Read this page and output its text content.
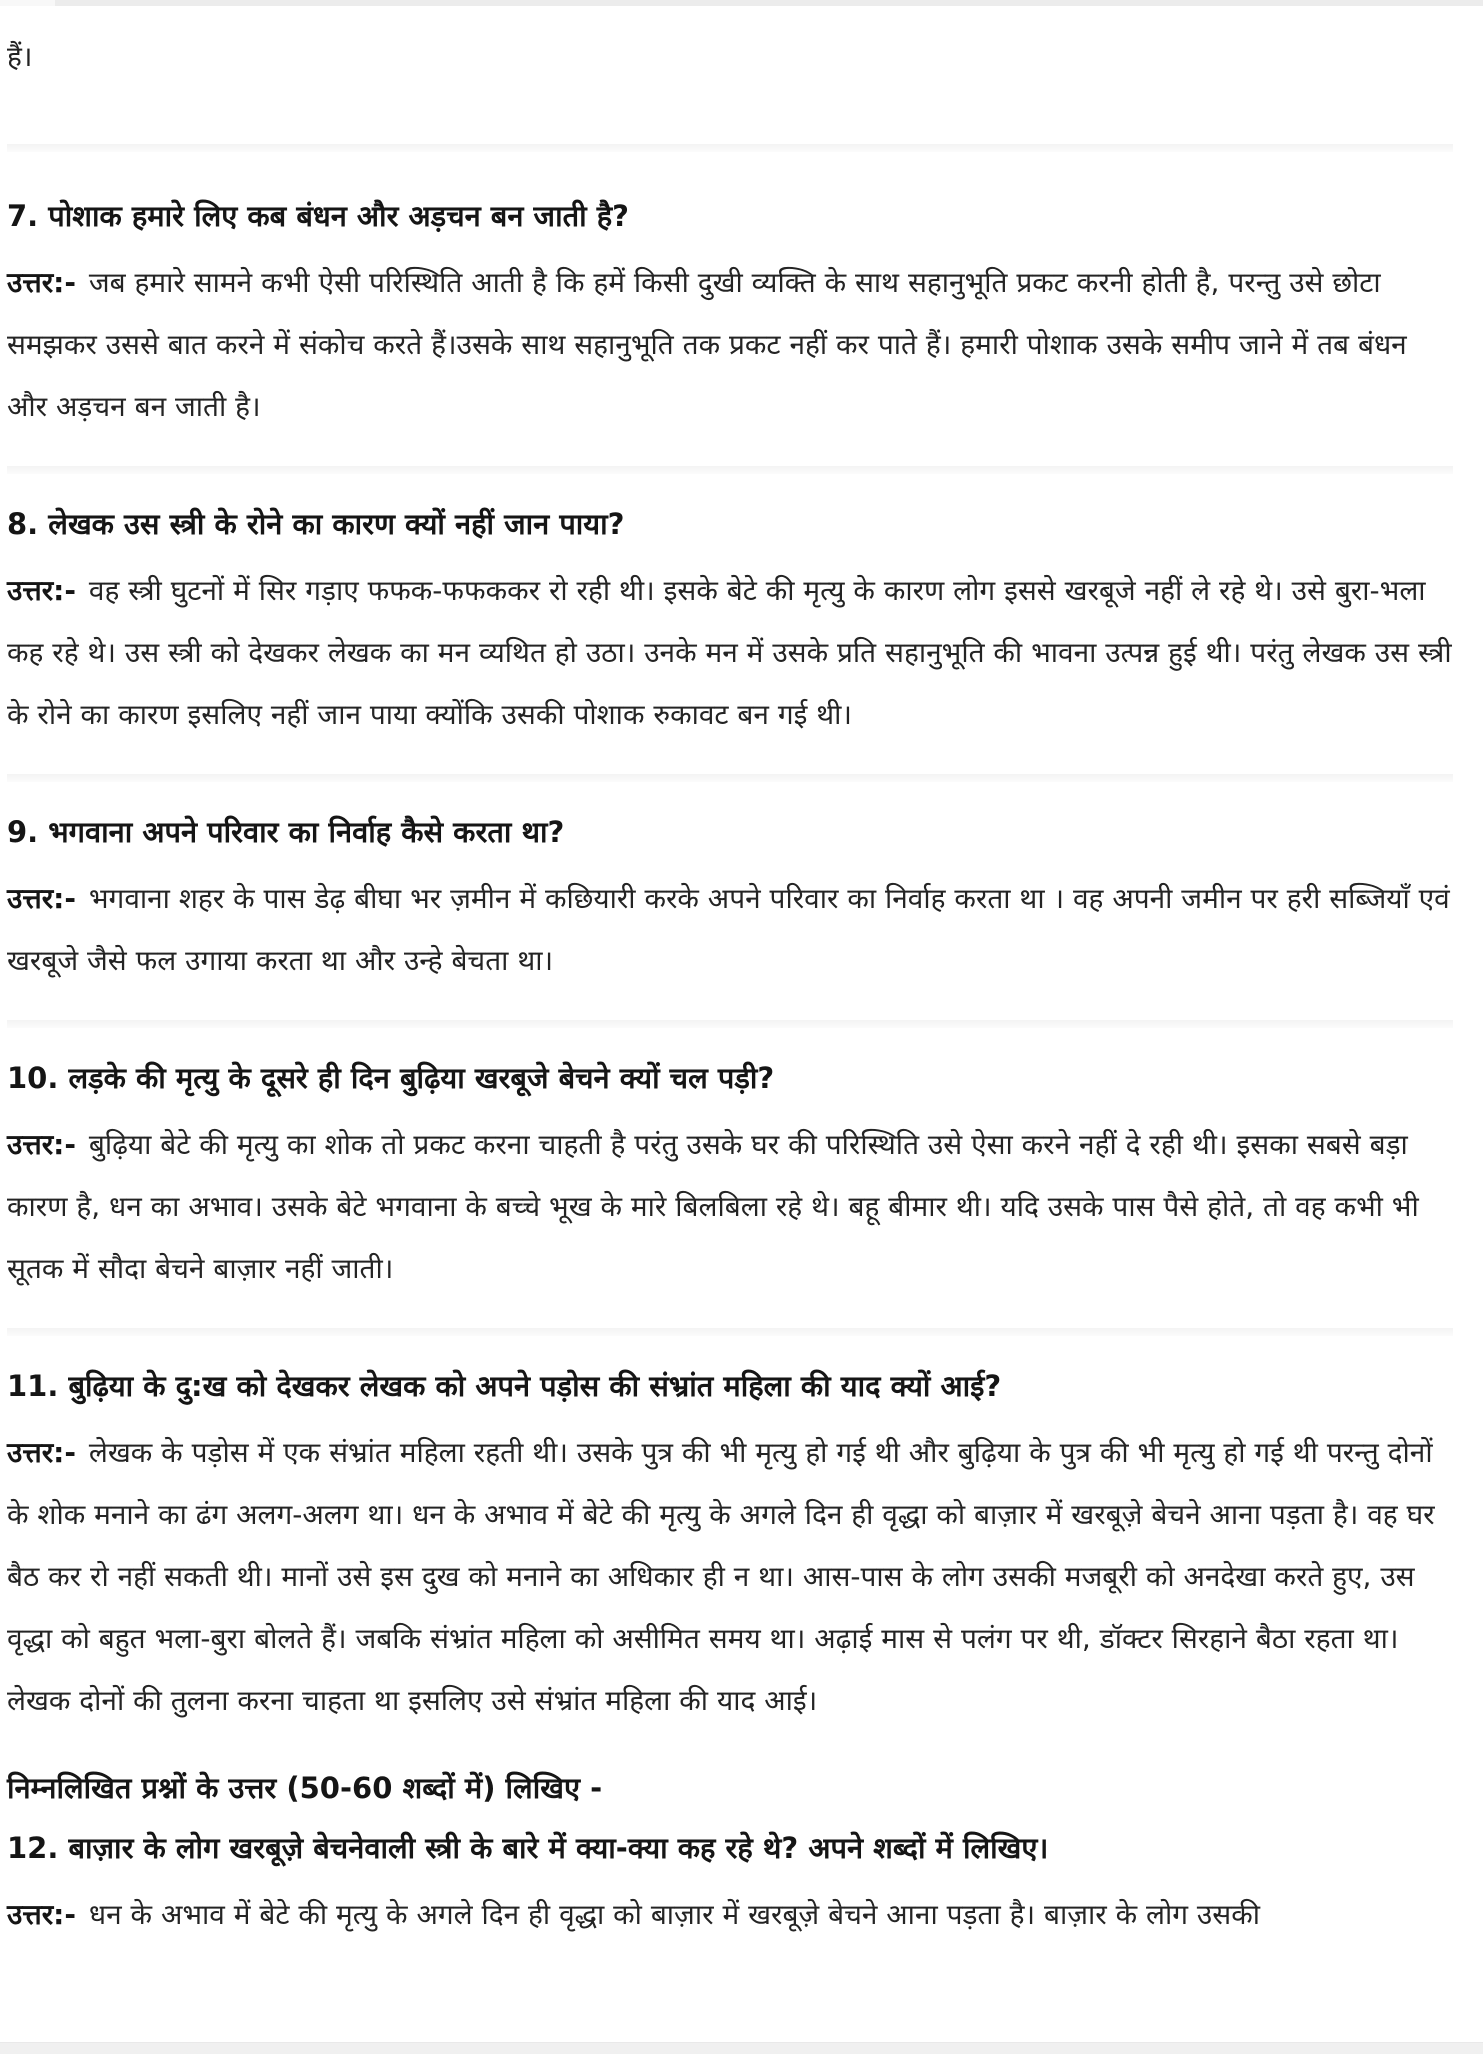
हैं।

7. पोशाक हमारे लिए कब बंधन और अड़चन बन जाती है?

उत्तर:- जब हमारे सामने कभी ऐसी परिस्थिति आती है कि हमें किसी दुखी व्यक्ति के साथ सहानुभूति प्रकट करनी होती है, परन्तु उसे छोटा समझकर उससे बात करने में संकोच करते हैं।उसके साथ सहानुभूति तक प्रकट नहीं कर पाते हैं। हमारी पोशाक उसके समीप जाने में तब बंधन और अड़चन बन जाती है।

8. लेखक उस स्त्री के रोने का कारण क्यों नहीं जान पाया?

उत्तर:- वह स्त्री घुटनों में सिर गड़ाए फफक-फफककर रो रही थी। इसके बेटे की मृत्यु के कारण लोग इससे खरबूजे नहीं ले रहे थे। उसे बुरा-भला कह रहे थे। उस स्त्री को देखकर लेखक का मन व्यथित हो उठा। उनके मन में उसके प्रति सहानुभूति की भावना उत्पन्न हुई थी। परंतु लेखक उस स्त्री के रोने का कारण इसलिए नहीं जान पाया क्योंकि उसकी पोशाक रुकावट बन गई थी।

9. भगवाना अपने परिवार का निर्वाह कैसे करता था?

उत्तर:- भगवाना शहर के पास डेढ़ बीघा भर ज़मीन में कछियारी करके अपने परिवार का निर्वाह करता था । वह अपनी जमीन पर हरी सब्जियॉं एवं खरबूजे जैसे फल उगाया करता था और उन्हे बेचता था।

10. लड़के की मृत्यु के दूसरे ही दिन बुढ़िया खरबूजे बेचने क्यों चल पड़ी?

उत्तर:- बुढ़िया बेटे की मृत्यु का शोक तो प्रकट करना चाहती है परंतु उसके घर की परिस्थिति उसे ऐसा करने नहीं दे रही थी। इसका सबसे बड़ा कारण है, धन का अभाव। उसके बेटे भगवाना के बच्चे भूख के मारे बिलबिला रहे थे। बहू बीमार थी। यदि उसके पास पैसे होते, तो वह कभी भी सूतक में सौदा बेचने बाज़ार नहीं जाती।

11. बुढ़िया के दु:ख को देखकर लेखक को अपने पड़ोस की संभ्रांत महिला की याद क्यों आई?

उत्तर:- लेखक के पड़ोस में एक संभ्रांत महिला रहती थी। उसके पुत्र की भी मृत्यु हो गई थी और बुढ़िया के पुत्र की भी मृत्यु हो गई थी परन्तु दोनों के शोक मनाने का ढंग अलग-अलग था। धन के अभाव में बेटे की मृत्यु के अगले दिन ही वृद्धा को बाज़ार में खरबूज़े बेचने आना पड़ता है। वह घर बैठ कर रो नहीं सकती थी। मानों उसे इस दुख को मनाने का अधिकार ही न था। आस-पास के लोग उसकी मजबूरी को अनदेखा करते हुए, उस वृद्धा को बहुत भला-बुरा बोलते हैं। जबकि संभ्रांत महिला को असीमित समय था। अढ़ाई मास से पलंग पर थी, डॉक्टर सिरहाने बैठा रहता था। लेखक दोनों की तुलना करना चाहता था इसलिए उसे संभ्रांत महिला की याद आई।

निम्नलिखित प्रश्नों के उत्तर (50-60 शब्दों में) लिखिए -
12. बाज़ार के लोग खरबूज़े बेचनेवाली स्त्री के बारे में क्या-क्या कह रहे थे? अपने शब्दों में लिखिए।

उत्तर:- धन के अभाव में बेटे की मृत्यु के अगले दिन ही वृद्धा को बाज़ार में खरबूज़े बेचने आना पड़ता है। बाज़ार के लोग उसकी
